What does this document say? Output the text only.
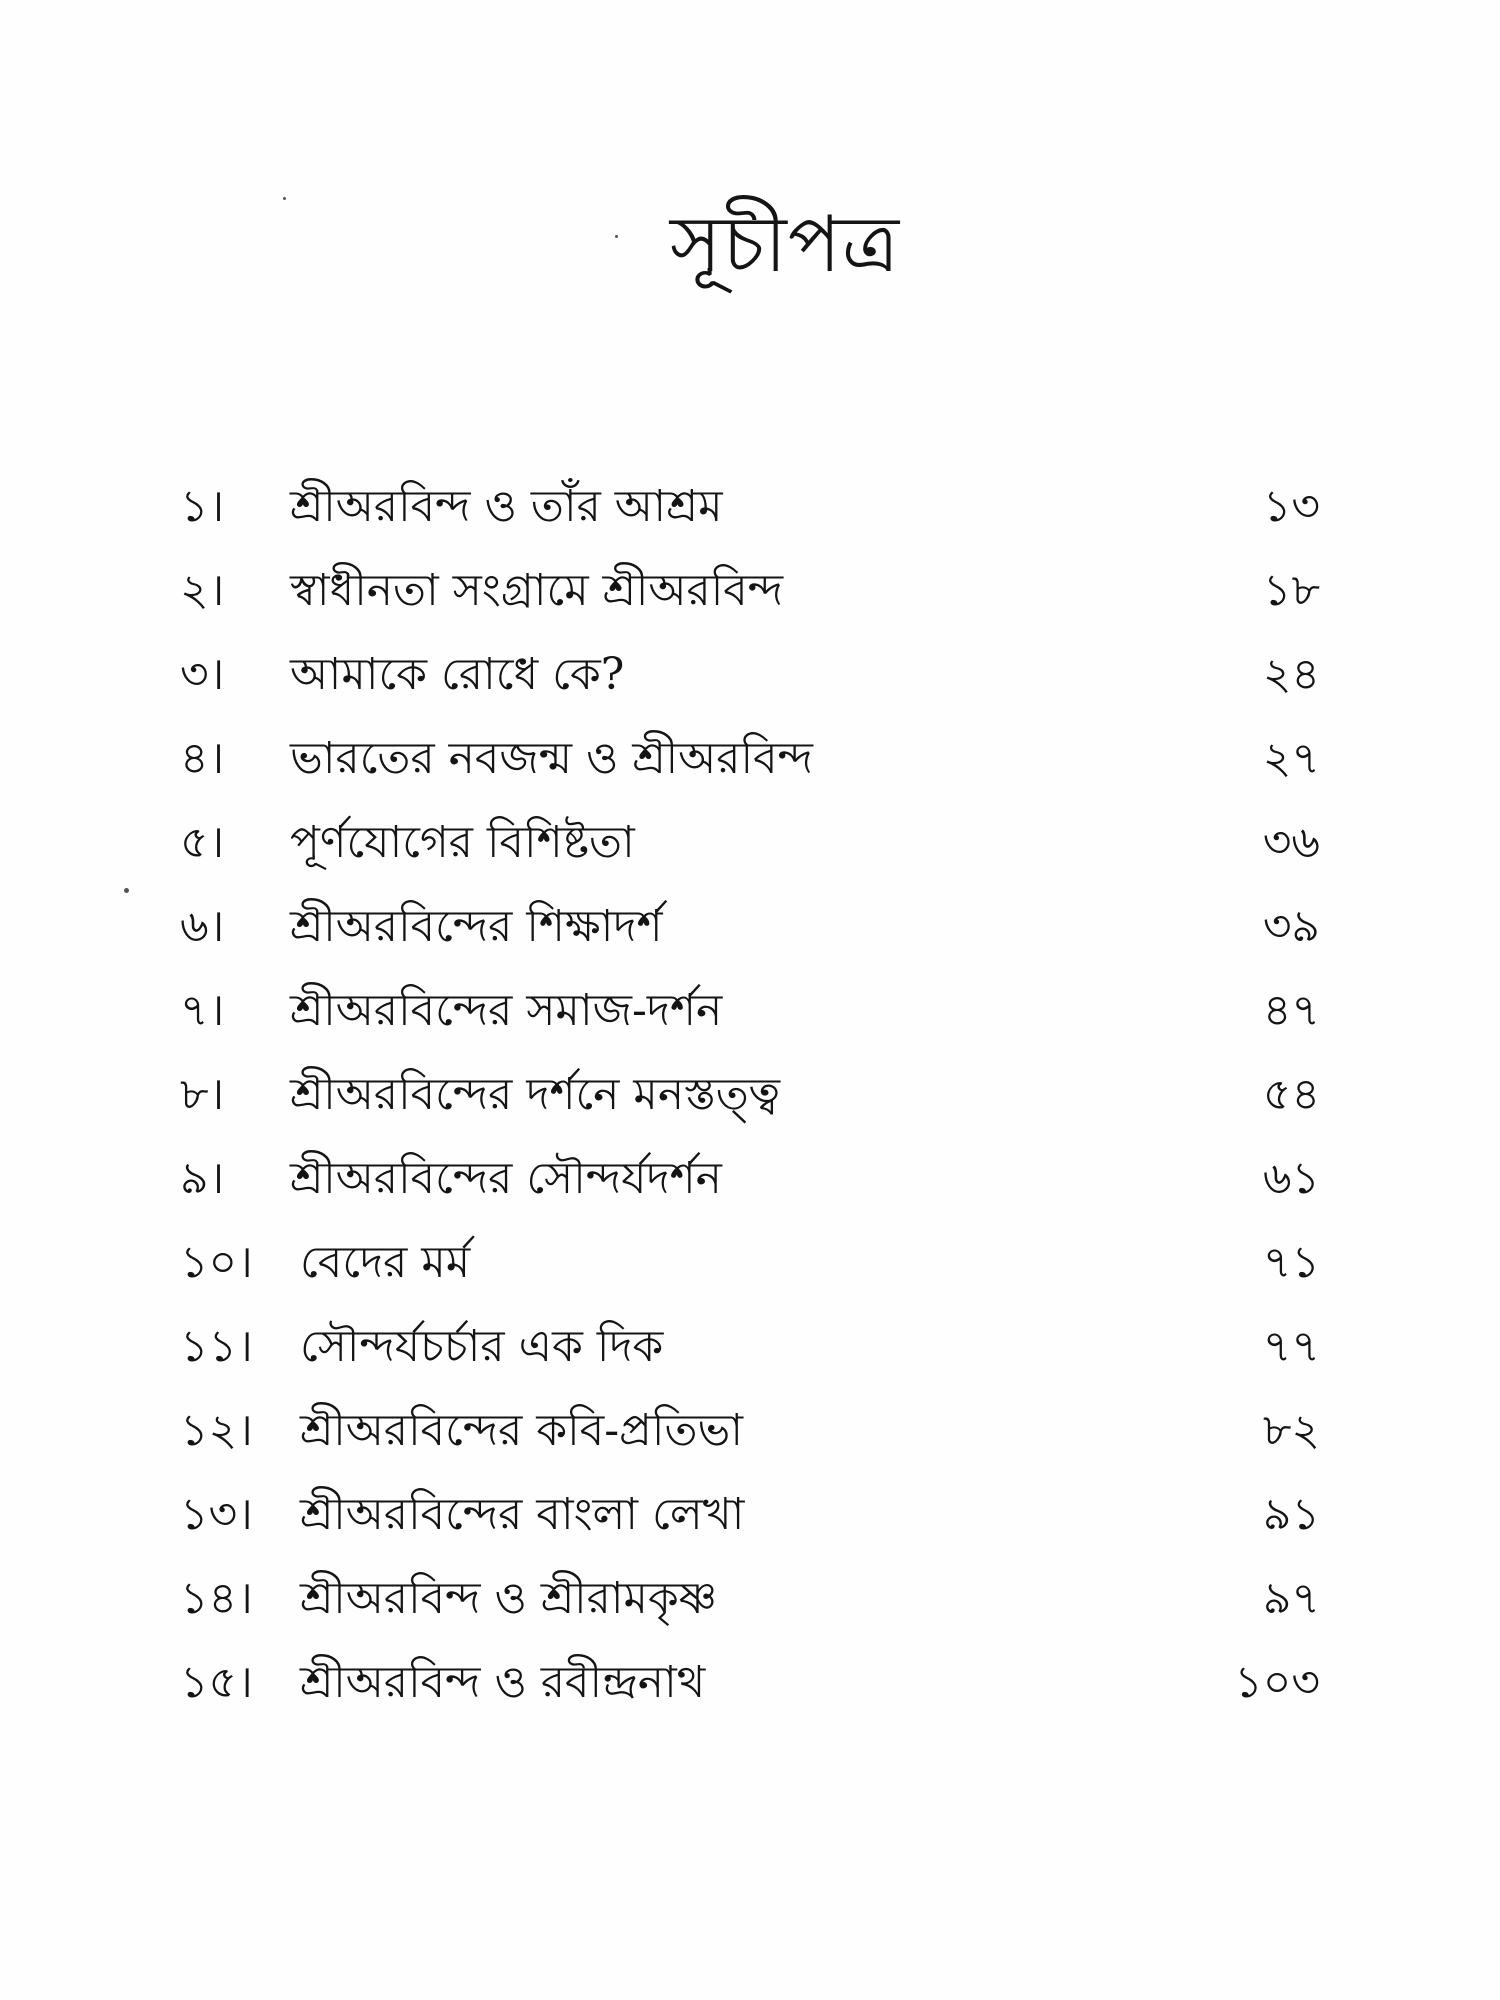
সূচীপত্র
১।	শ্রীঅরবিন্দ ও তাঁর আশ্রম	১৩
২।	স্বাধীনতা সংগ্রামে শ্রীঅরবিন্দ	১৮
৩।	আমাকে রোধে কে?	২৪
৪।	ভারতের নবজন্ম ও শ্রীঅরবিন্দ	২৭
৫।	পূর্ণযোগের বিশিষ্টতা	৩৬
৬।	শ্রীঅরবিন্দের শিক্ষাদর্শ	৩৯
৭।	শ্রীঅরবিন্দের সমাজ-দর্শন	৪৭
৮।	শ্রীঅরবিন্দের দর্শনে মনস্তত্ত্ব	৫৪
৯।	শ্রীঅরবিন্দের সৌন্দর্যদর্শন	৬১
১০।	বেদের মর্ম	৭১
১১।	সৌন্দর্যচর্চার এক দিক	৭৭
১২।	শ্রীঅরবিন্দের কবি-প্রতিভা	৮২
১৩।	শ্রীঅরবিন্দের বাংলা লেখা	৯১
১৪।	শ্রীঅরবিন্দ ও শ্রীরামকৃষ্ণ	৯৭
১৫।	শ্রীঅরবিন্দ ও রবীন্দ্রনাথ	১০৩
